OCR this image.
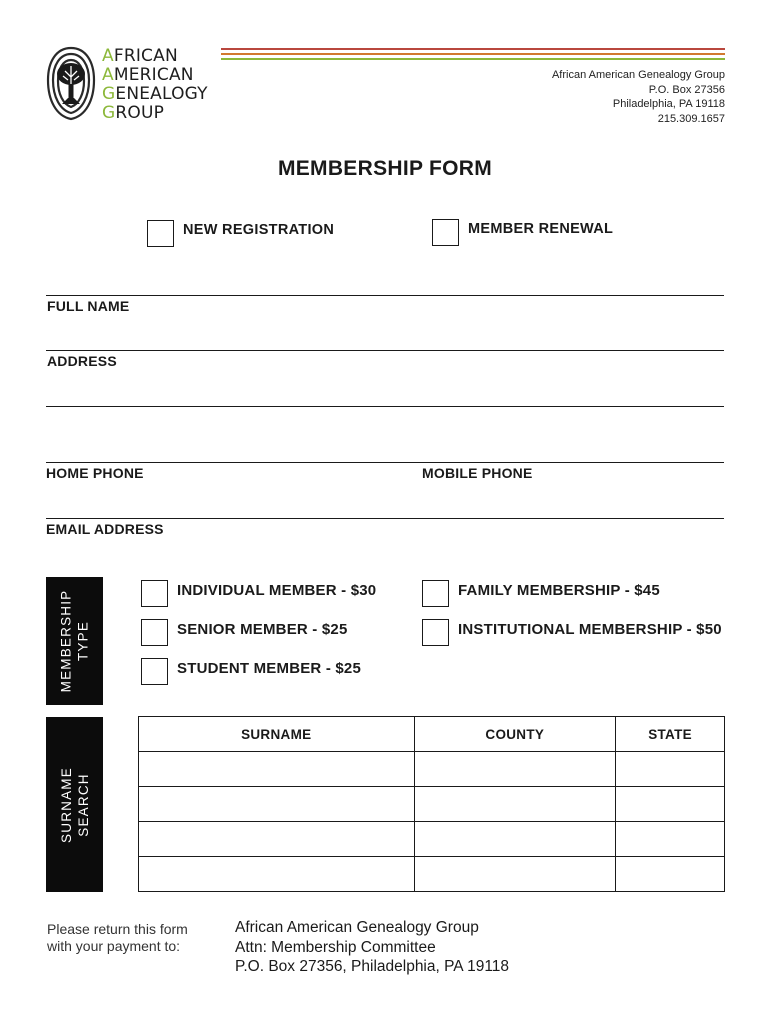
AFRICAN
AMERICAN
GENEALOGY
GROUP
African American Genealogy Group
P.O. Box 27356
Philadelphia, PA 19118
215.309.1657
MEMBERSHIP FORM
NEW REGISTRATION	MEMBER RENEWAL
FULL NAME
ADDRESS
HOME PHONE	MOBILE PHONE
EMAIL ADDRESS
MEMBERSHIP TYPE
INDIVIDUAL MEMBER - $30	FAMILY MEMBERSHIP - $45
SENIOR MEMBER - $25	INSTITUTIONAL MEMBERSHIP - $50
STUDENT MEMBER - $25
SURNAME SEARCH
SURNAME	COUNTY	STATE

Please return this form
with your payment to:
African American Genealogy Group
Attn: Membership Committee
P.O. Box 27356, Philadelphia, PA 19118
